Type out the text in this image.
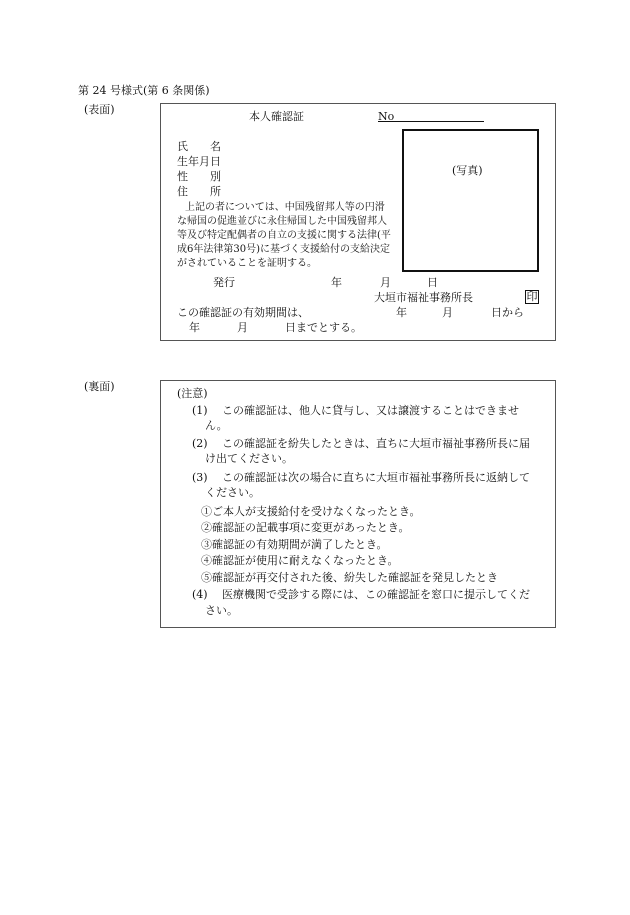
第 24 号様式(第 6 条関係)
(表面)
本人確認証	No
氏　　名
生年月日
性　　別
住　　所
(写真)
上記の者については、中国残留邦人等の円滑
な帰国の促進並びに永住帰国した中国残留邦人
等及び特定配偶者の自立の支援に関する法律(平
成6年法律第30号)に基づく支援給付の支給決定
がされていることを証明する。
発行	年	月	日
大垣市福祉事務所長	印
この確認証の有効期間は、	年	月	日から
年	月	日までとする。
(裏面)
(注意)
(1) この確認証は、他人に貸与し、又は譲渡することはできませ
ん。
(2) この確認証を紛失したときは、直ちに大垣市福祉事務所長に届
け出てください。
(3) この確認証は次の場合に直ちに大垣市福祉事務所長に返納して
ください。
①ご本人が支援給付を受けなくなったとき。
②確認証の記載事項に変更があったとき。
③確認証の有効期間が満了したとき。
④確認証が使用に耐えなくなったとき。
⑤確認証が再交付された後、紛失した確認証を発見したとき
(4) 医療機関で受診する際には、この確認証を窓口に提示してくだ
さい。
